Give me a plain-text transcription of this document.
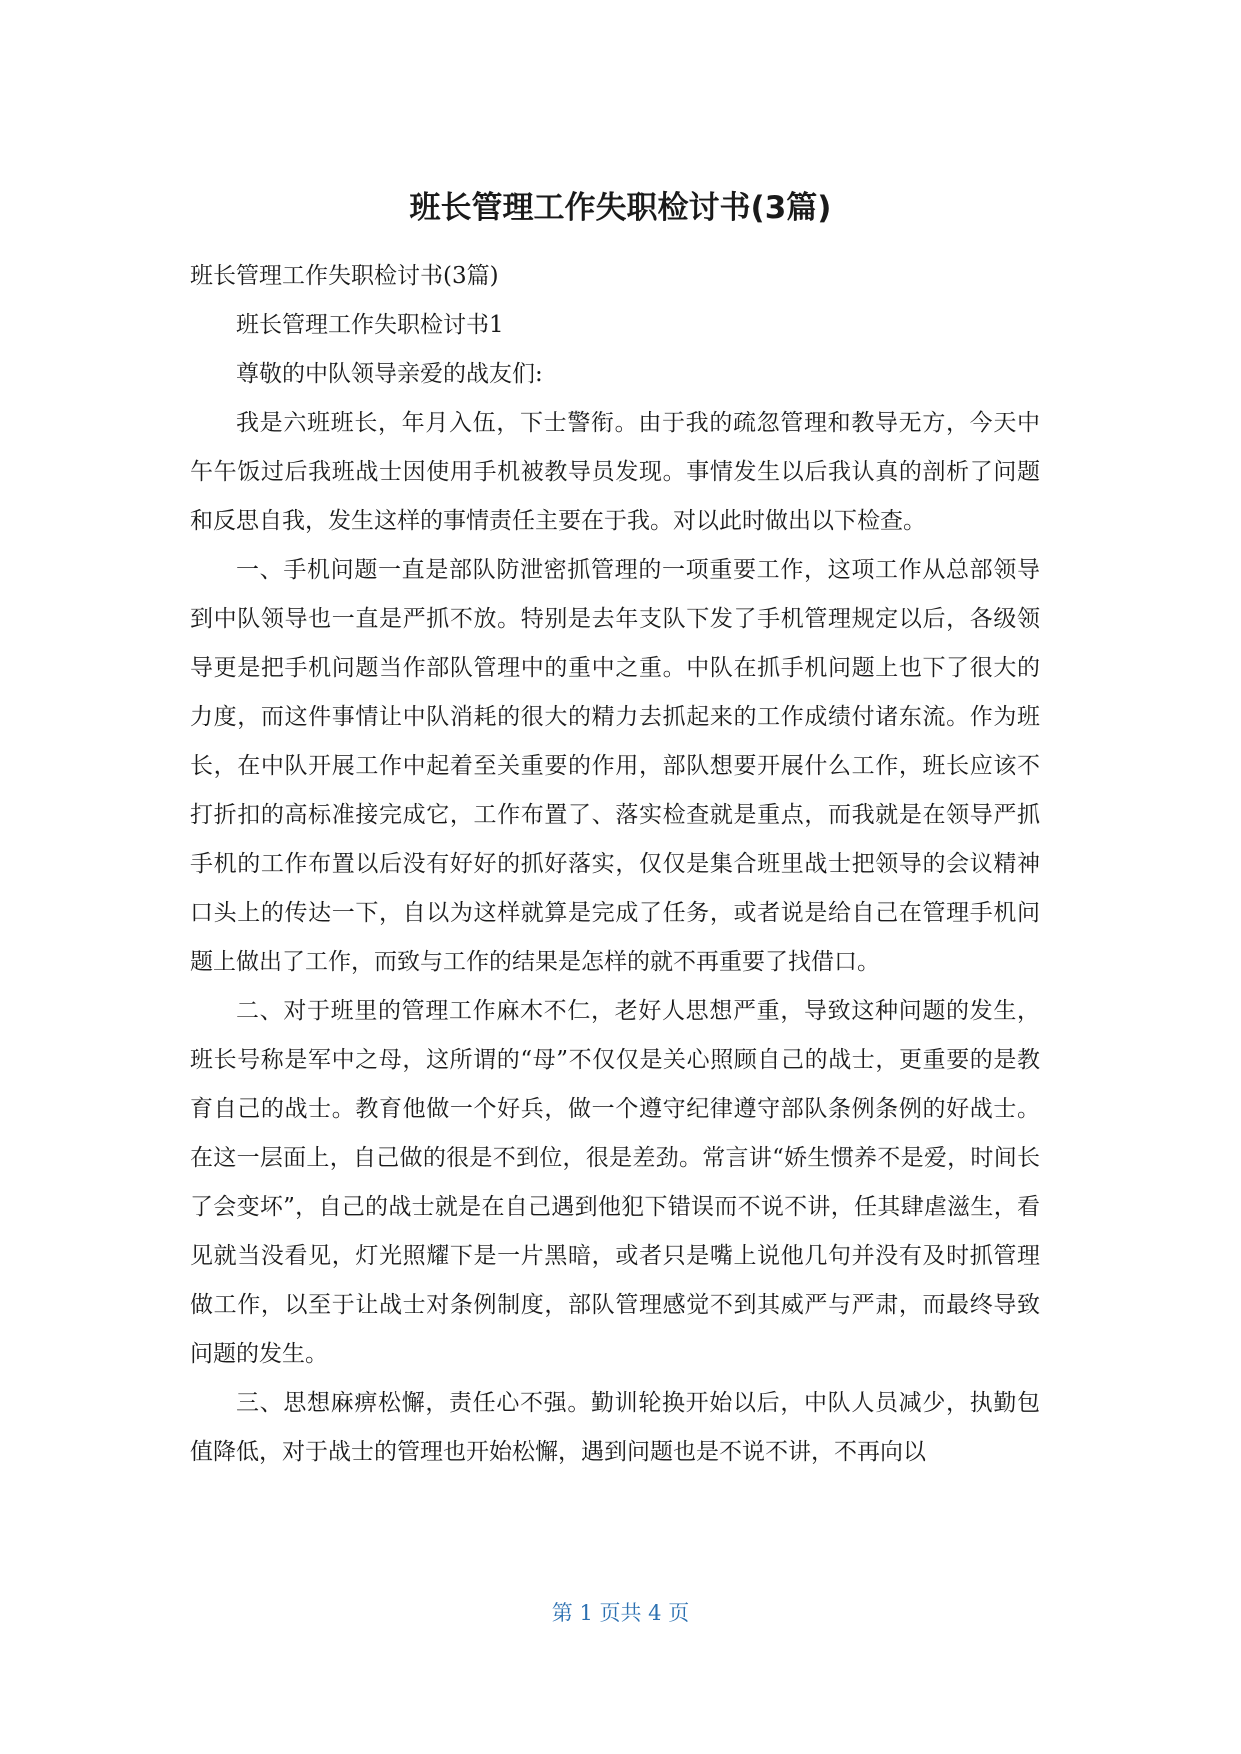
班长管理工作失职检讨书(3篇)

班长管理工作失职检讨书(3篇)

班长管理工作失职检讨书1

尊敬的中队领导亲爱的战友们:

我是六班班长，年月入伍，下士警衔。由于我的疏忽管理和教导无方，今天中午午饭过后我班战士因使用手机被教导员发现。事情发生以后我认真的剖析了问题和反思自我，发生这样的事情责任主要在于我。对以此时做出以下检查。

一、手机问题一直是部队防泄密抓管理的一项重要工作，这项工作从总部领导到中队领导也一直是严抓不放。特别是去年支队下发了手机管理规定以后，各级领导更是把手机问题当作部队管理中的重中之重。中队在抓手机问题上也下了很大的力度，而这件事情让中队消耗的很大的精力去抓起来的工作成绩付诸东流。作为班长，在中队开展工作中起着至关重要的作用，部队想要开展什么工作，班长应该不打折扣的高标准接完成它，工作布置了、落实检查就是重点，而我就是在领导严抓手机的工作布置以后没有好好的抓好落实，仅仅是集合班里战士把领导的会议精神口头上的传达一下，自以为这样就算是完成了任务，或者说是给自己在管理手机问题上做出了工作，而致与工作的结果是怎样的就不再重要了找借口。

二、对于班里的管理工作麻木不仁，老好人思想严重，导致这种问题的发生，班长号称是军中之母，这所谓的“母”不仅仅是关心照顾自己的战士，更重要的是教育自己的战士。教育他做一个好兵，做一个遵守纪律遵守部队条例条例的好战士。在这一层面上，自己做的很是不到位，很是差劲。常言讲“娇生惯养不是爱，时间长了会变坏”，自己的战士就是在自己遇到他犯下错误而不说不讲，任其肆虐滋生，看见就当没看见，灯光照耀下是一片黑暗，或者只是嘴上说他几句并没有及时抓管理做工作，以至于让战士对条例制度，部队管理感觉不到其威严与严肃，而最终导致问题的发生。

三、思想麻痹松懈，责任心不强。勤训轮换开始以后，中队人员减少，执勤包值降低，对于战士的管理也开始松懈，遇到问题也是不说不讲，不再向以

第 1 页共 4 页
